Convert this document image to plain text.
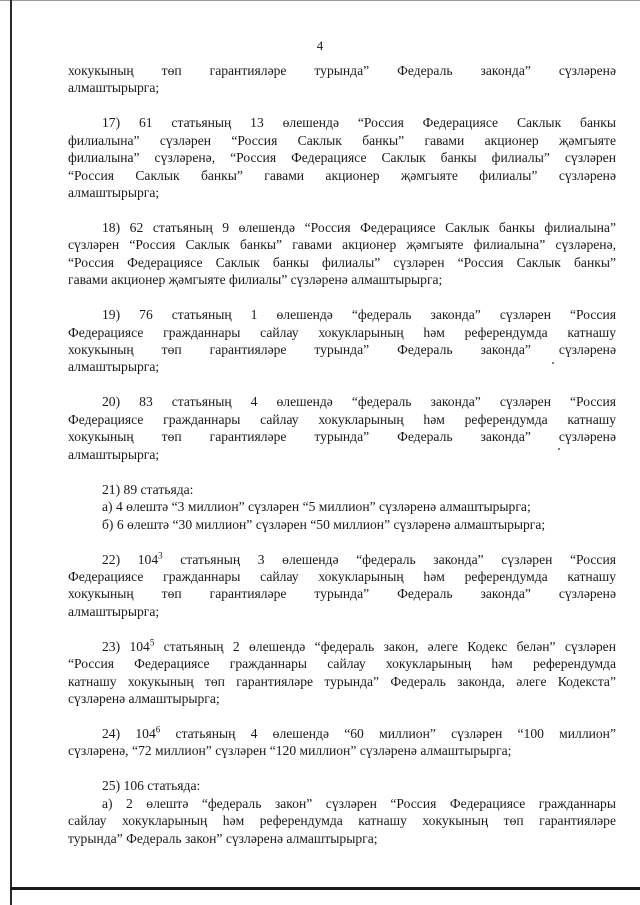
4
хокукының төп гарантияләре турында” Федераль законда” сүзләренә
алмаштырырга;
17) 61 статьяның 13 өлешендә “Россия Федерациясе Саклык банкы
филиалына” сүзләрен “Россия Саклык банкы” гавами акционер җәмгыяте
филиалына” сүзләренә, “Россия Федерациясе Саклык банкы филиалы” сүзләрен
“Россия Саклык банкы” гавами акционер җәмгыяте филиалы” сүзләренә
алмаштырырга;
18) 62 статьяның 9 өлешендә “Россия Федерациясе Саклык банкы филиалына”
сүзләрен “Россия Саклык банкы” гавами акционер җәмгыяте филиалына” сүзләренә,
“Россия Федерациясе Саклык банкы филиалы” сүзләрен “Россия Саклык банкы”
гавами акционер җәмгыяте филиалы” сүзләренә алмаштырырга;
19) 76 статьяның 1 өлешендә “федераль законда” сүзләрен “Россия
Федерациясе гражданнары сайлау хокукларының һәм референдумда катнашу
хокукының төп гарантияләре турында” Федераль законда” сүзләренә
алмаштырырга;
20) 83 статьяның 4 өлешендә “федераль законда” сүзләрен “Россия
Федерациясе гражданнары сайлау хокукларының һәм референдумда катнашу
хокукының төп гарантияләре турында” Федераль законда” сүзләренә
алмаштырырга;
21) 89 статьяда:
а) 4 өлештә “3 миллион” сүзләрен “5 миллион” сүзләренә алмаштырырга;
б) 6 өлештә “30 миллион” сүзләрен “50 миллион” сүзләренә алмаштырырга;
22) $104^3$ статьяның 3 өлешендә “федераль законда” сүзләрен “Россия
Федерациясе гражданнары сайлау хокукларының һәм референдумда катнашу
хокукының төп гарантияләре турында” Федераль законда” сүзләренә
алмаштырырга;
23) $104^5$ статьяның 2 өлешендә “федераль закон, әлеге Кодекс белән” сүзләрен
“Россия Федерациясе гражданнары сайлау хокукларының һәм референдумда
катнашу хокукының төп гарантияләре турында” Федераль законда, әлеге Кодекста”
сүзләренә алмаштырырга;
24) $104^6$ статьяның 4 өлешендә “60 миллион” сүзләрен “100 миллион”
сүзләренә, “72 миллион” сүзләрен “120 миллион” сүзләренә алмаштырырга;
25) 106 статьяда:
а) 2 өлештә “федераль закон” сүзләрен “Россия Федерациясе гражданнары
сайлау хокукларының һәм референдумда катнашу хокукының төп гарантияләре
турында” Федераль закон” сүзләренә алмаштырырга;
